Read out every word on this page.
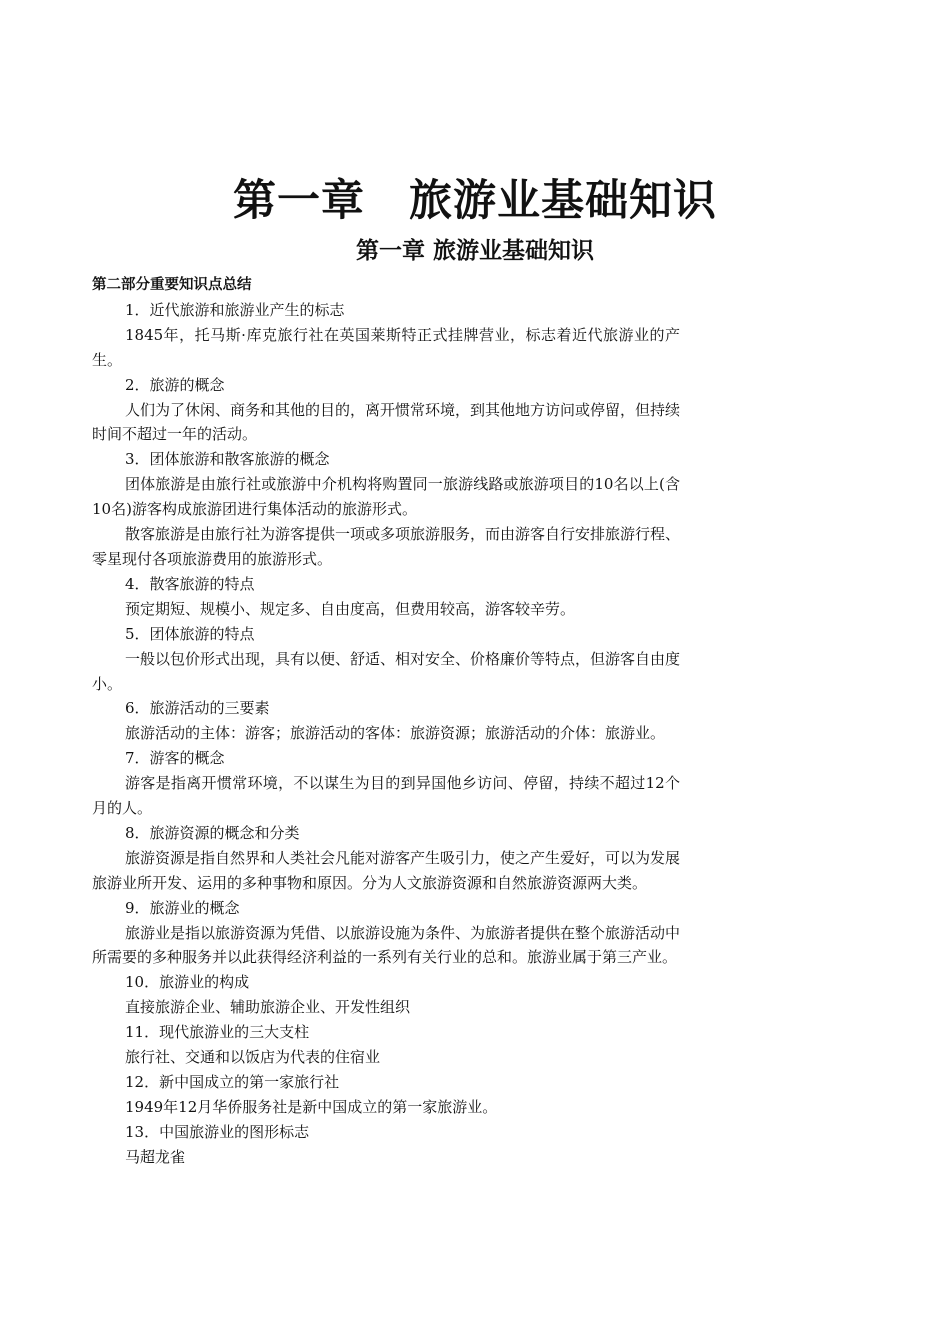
第一章　旅游业基础知识
第一章 旅游业基础知识

第二部分重要知识点总结

1．近代旅游和旅游业产生的标志

1845年，托马斯·库克旅行社在英国莱斯特正式挂牌营业，标志着近代旅游业的产生。

2．旅游的概念

人们为了休闲、商务和其他的目的，离开惯常环境，到其他地方访问或停留，但持续时间不超过一年的活动。

3．团体旅游和散客旅游的概念

团体旅游是由旅行社或旅游中介机构将购置同一旅游线路或旅游项目的10名以上(含10名)游客构成旅游团进行集体活动的旅游形式。

散客旅游是由旅行社为游客提供一项或多项旅游服务，而由游客自行安排旅游行程、零星现付各项旅游费用的旅游形式。

4．散客旅游的特点

预定期短、规模小、规定多、自由度高，但费用较高，游客较辛劳。

5．团体旅游的特点

一般以包价形式出现，具有以便、舒适、相对安全、价格廉价等特点，但游客自由度小。

6．旅游活动的三要素

旅游活动的主体：游客；旅游活动的客体：旅游资源；旅游活动的介体：旅游业。

7．游客的概念

游客是指离开惯常环境，不以谋生为目的到异国他乡访问、停留，持续不超过12个月的人。

8．旅游资源的概念和分类

旅游资源是指自然界和人类社会凡能对游客产生吸引力，使之产生爱好，可以为发展旅游业所开发、运用的多种事物和原因。分为人文旅游资源和自然旅游资源两大类。

9．旅游业的概念

旅游业是指以旅游资源为凭借、以旅游设施为条件、为旅游者提供在整个旅游活动中所需要的多种服务并以此获得经济利益的一系列有关行业的总和。旅游业属于第三产业。

10．旅游业的构成

直接旅游企业、辅助旅游企业、开发性组织

11．现代旅游业的三大支柱

旅行社、交通和以饭店为代表的住宿业

12．新中国成立的第一家旅行社

1949年12月华侨服务社是新中国成立的第一家旅游业。

13．中国旅游业的图形标志

马超龙雀
